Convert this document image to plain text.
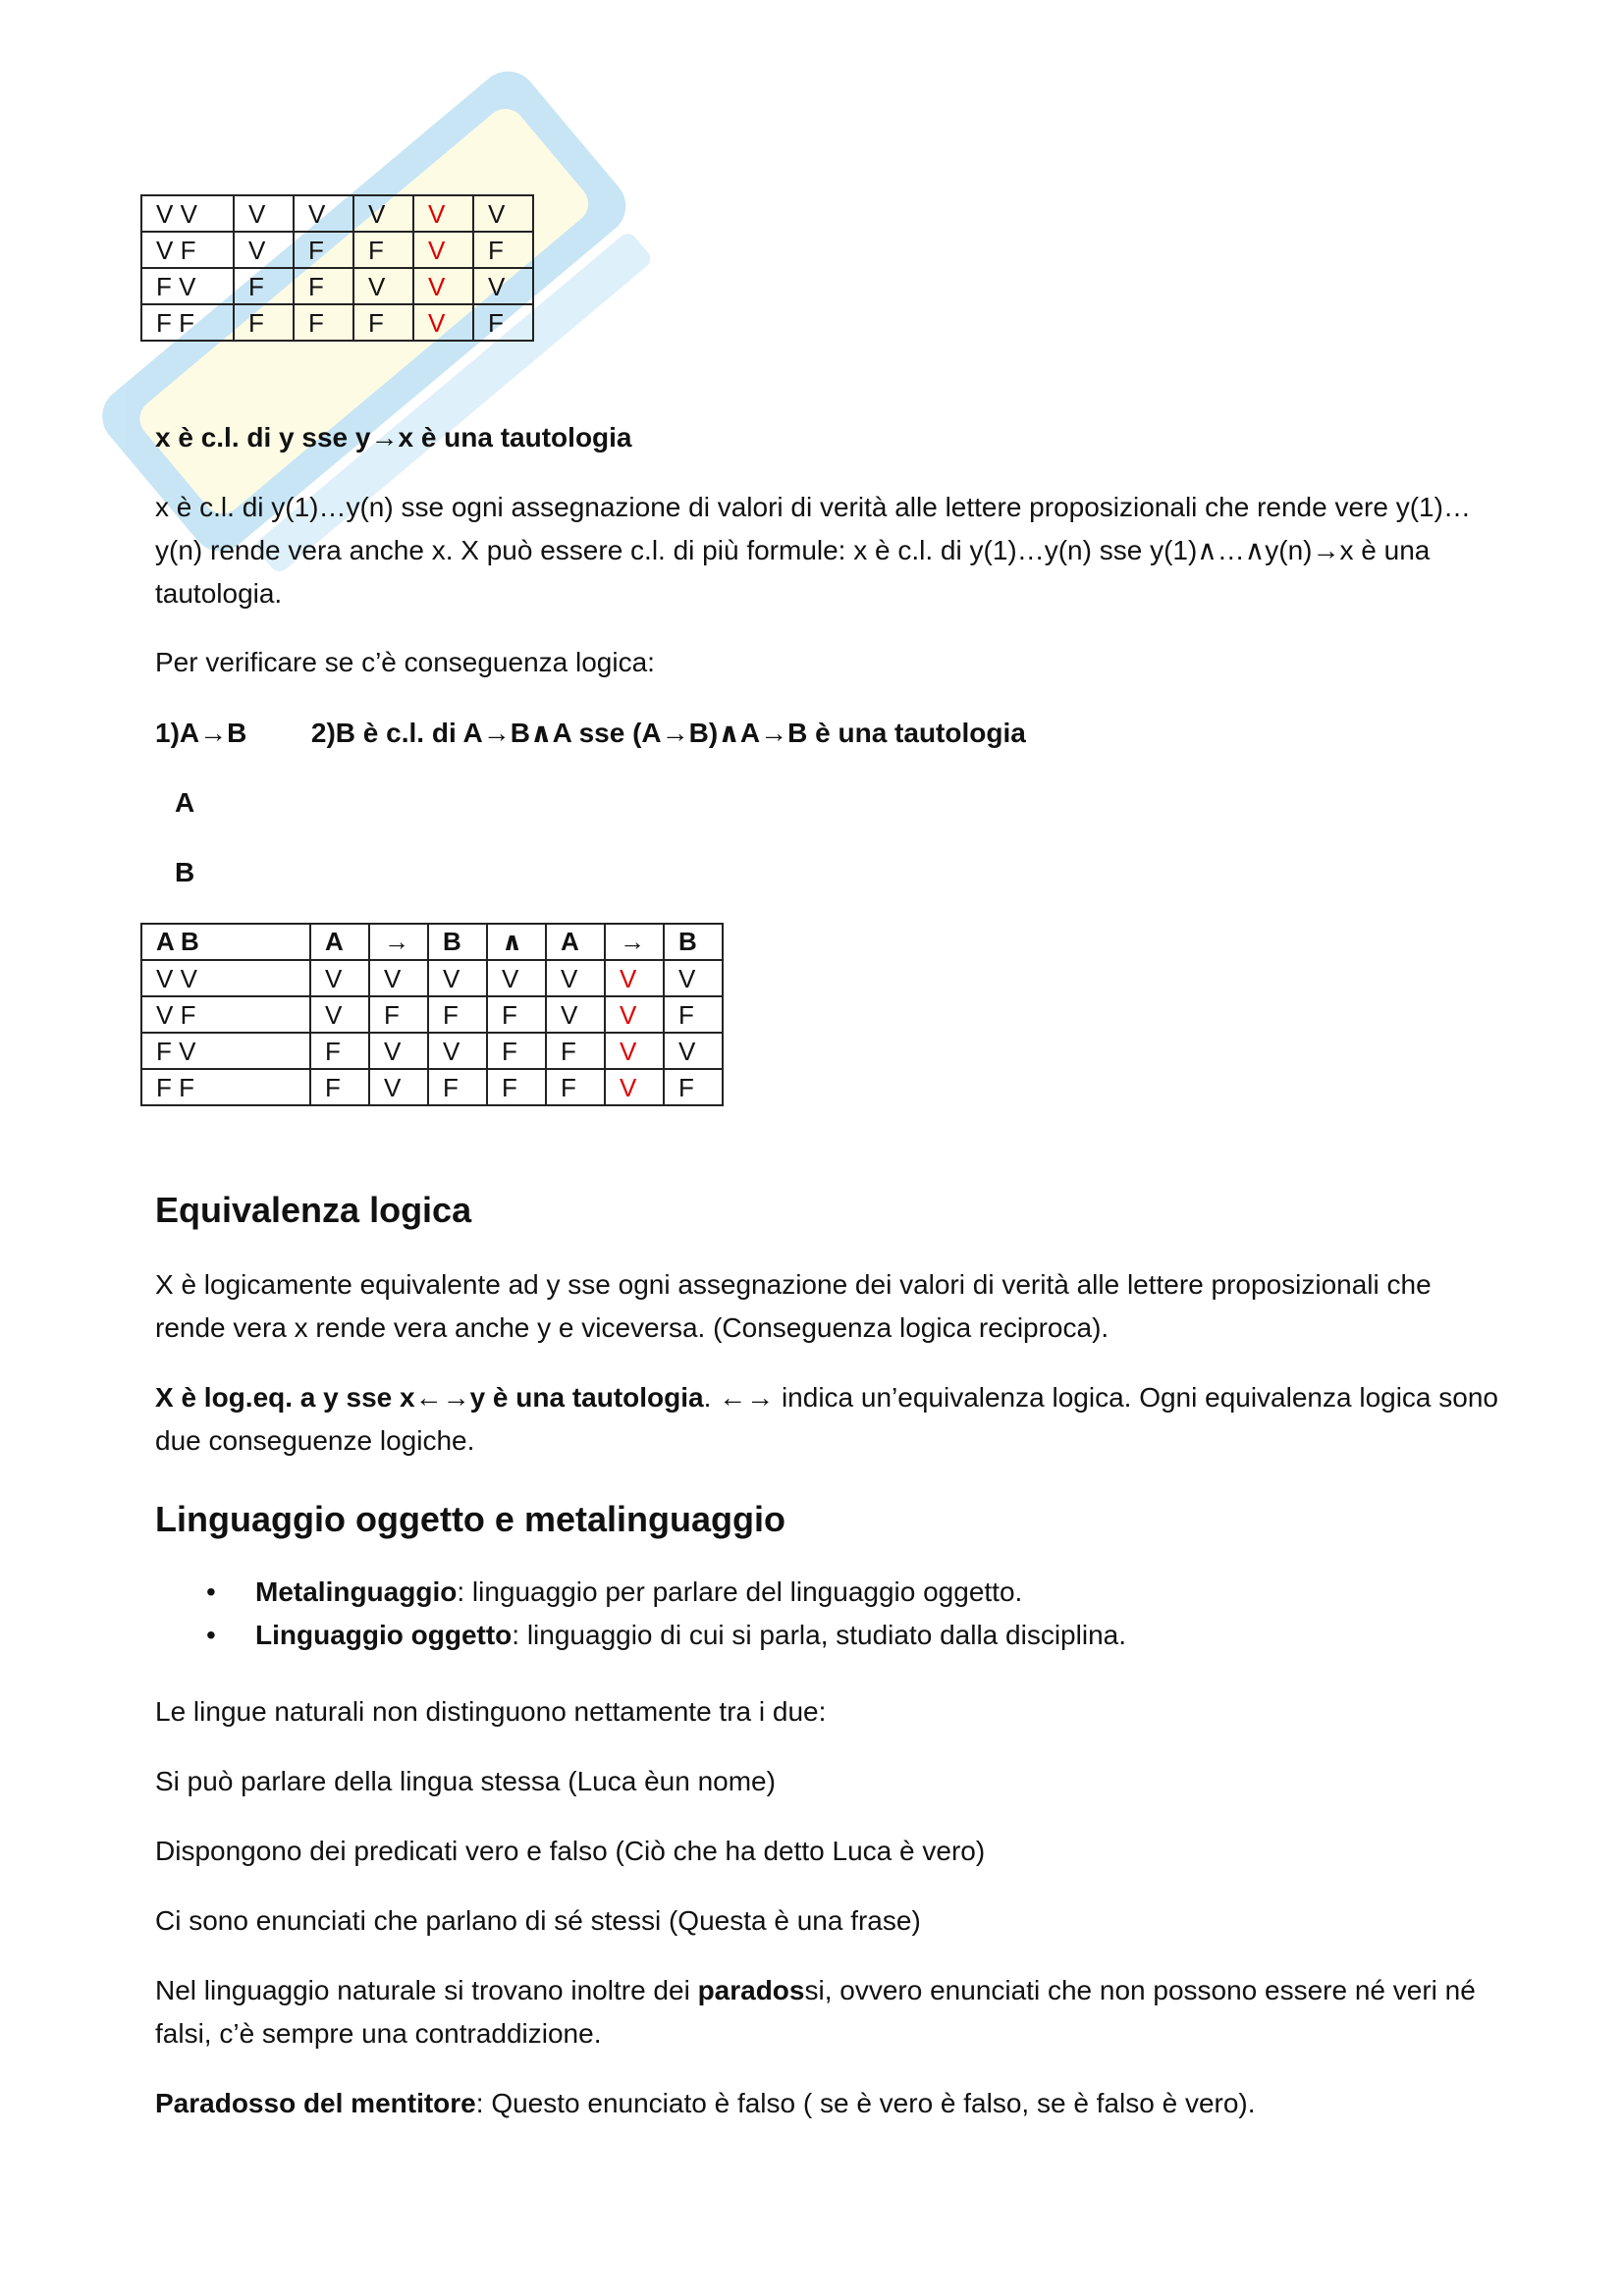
V V	V	V	V	V	V
V F	V	F	F	V	F
F V	F	F	V	V	V
F F	F	F	F	V	F
x è c.l. di y sse y→x è una tautologia
x è c.l. di y(1)…y(n) sse ogni assegnazione di valori di verità alle lettere proposizionali che rende vere y(1)…y(n) rende vera anche x. X può essere c.l. di più formule: x è c.l. di y(1)…y(n) sse y(1)∧…∧y(n)→x è una tautologia.
Per verificare se c’è conseguenza logica:
1)A→B 2)B è c.l. di A→B∧A sse (A→B)∧A→B è una tautologia
A
B
A B	A	→	B	∧	A	→	B
V V	V	V	V	V	V	V	V
V F	V	F	F	F	V	V	F
F V	F	V	V	F	F	V	V
F F	F	V	F	F	F	V	F
Equivalenza logica
X è logicamente equivalente ad y sse ogni assegnazione dei valori di verità alle lettere proposizionali che rende vera x rende vera anche y e viceversa. (Conseguenza logica reciproca).
X è log.eq. a y sse x←→y è una tautologia. ←→ indica un’equivalenza logica. Ogni equivalenza logica sono due conseguenze logiche.
Linguaggio oggetto e metalinguaggio
• Metalinguaggio: linguaggio per parlare del linguaggio oggetto.
• Linguaggio oggetto: linguaggio di cui si parla, studiato dalla disciplina.
Le lingue naturali non distinguono nettamente tra i due:
Si può parlare della lingua stessa (Luca èun nome)
Dispongono dei predicati vero e falso (Ciò che ha detto Luca è vero)
Ci sono enunciati che parlano di sé stessi (Questa è una frase)
Nel linguaggio naturale si trovano inoltre dei paradossi, ovvero enunciati che non possono essere né veri né falsi, c’è sempre una contraddizione.
Paradosso del mentitore: Questo enunciato è falso ( se è vero è falso, se è falso è vero).
